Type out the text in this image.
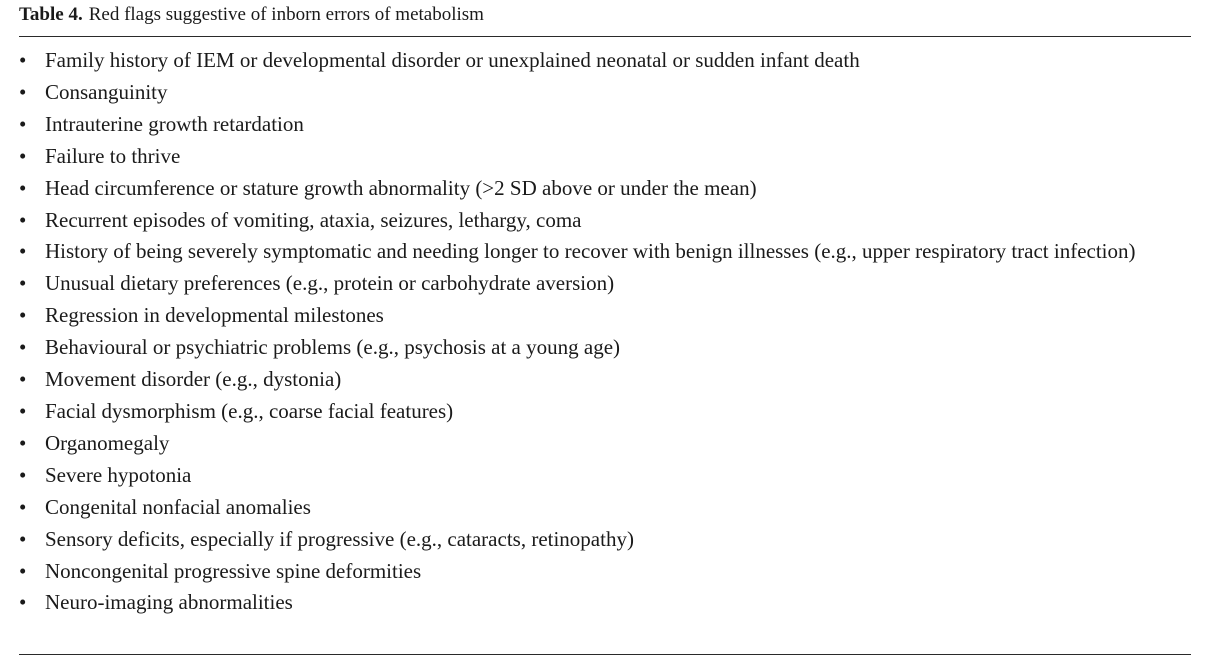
Table 4. Red flags suggestive of inborn errors of metabolism
• Family history of IEM or developmental disorder or unexplained neonatal or sudden infant death
• Consanguinity
• Intrauterine growth retardation
• Failure to thrive
• Head circumference or stature growth abnormality (>2 SD above or under the mean)
• Recurrent episodes of vomiting, ataxia, seizures, lethargy, coma
• History of being severely symptomatic and needing longer to recover with benign illnesses (e.g., upper respiratory tract infection)
• Unusual dietary preferences (e.g., protein or carbohydrate aversion)
• Regression in developmental milestones
• Behavioural or psychiatric problems (e.g., psychosis at a young age)
• Movement disorder (e.g., dystonia)
• Facial dysmorphism (e.g., coarse facial features)
• Organomegaly
• Severe hypotonia
• Congenital nonfacial anomalies
• Sensory deficits, especially if progressive (e.g., cataracts, retinopathy)
• Noncongenital progressive spine deformities
• Neuro-imaging abnormalities
